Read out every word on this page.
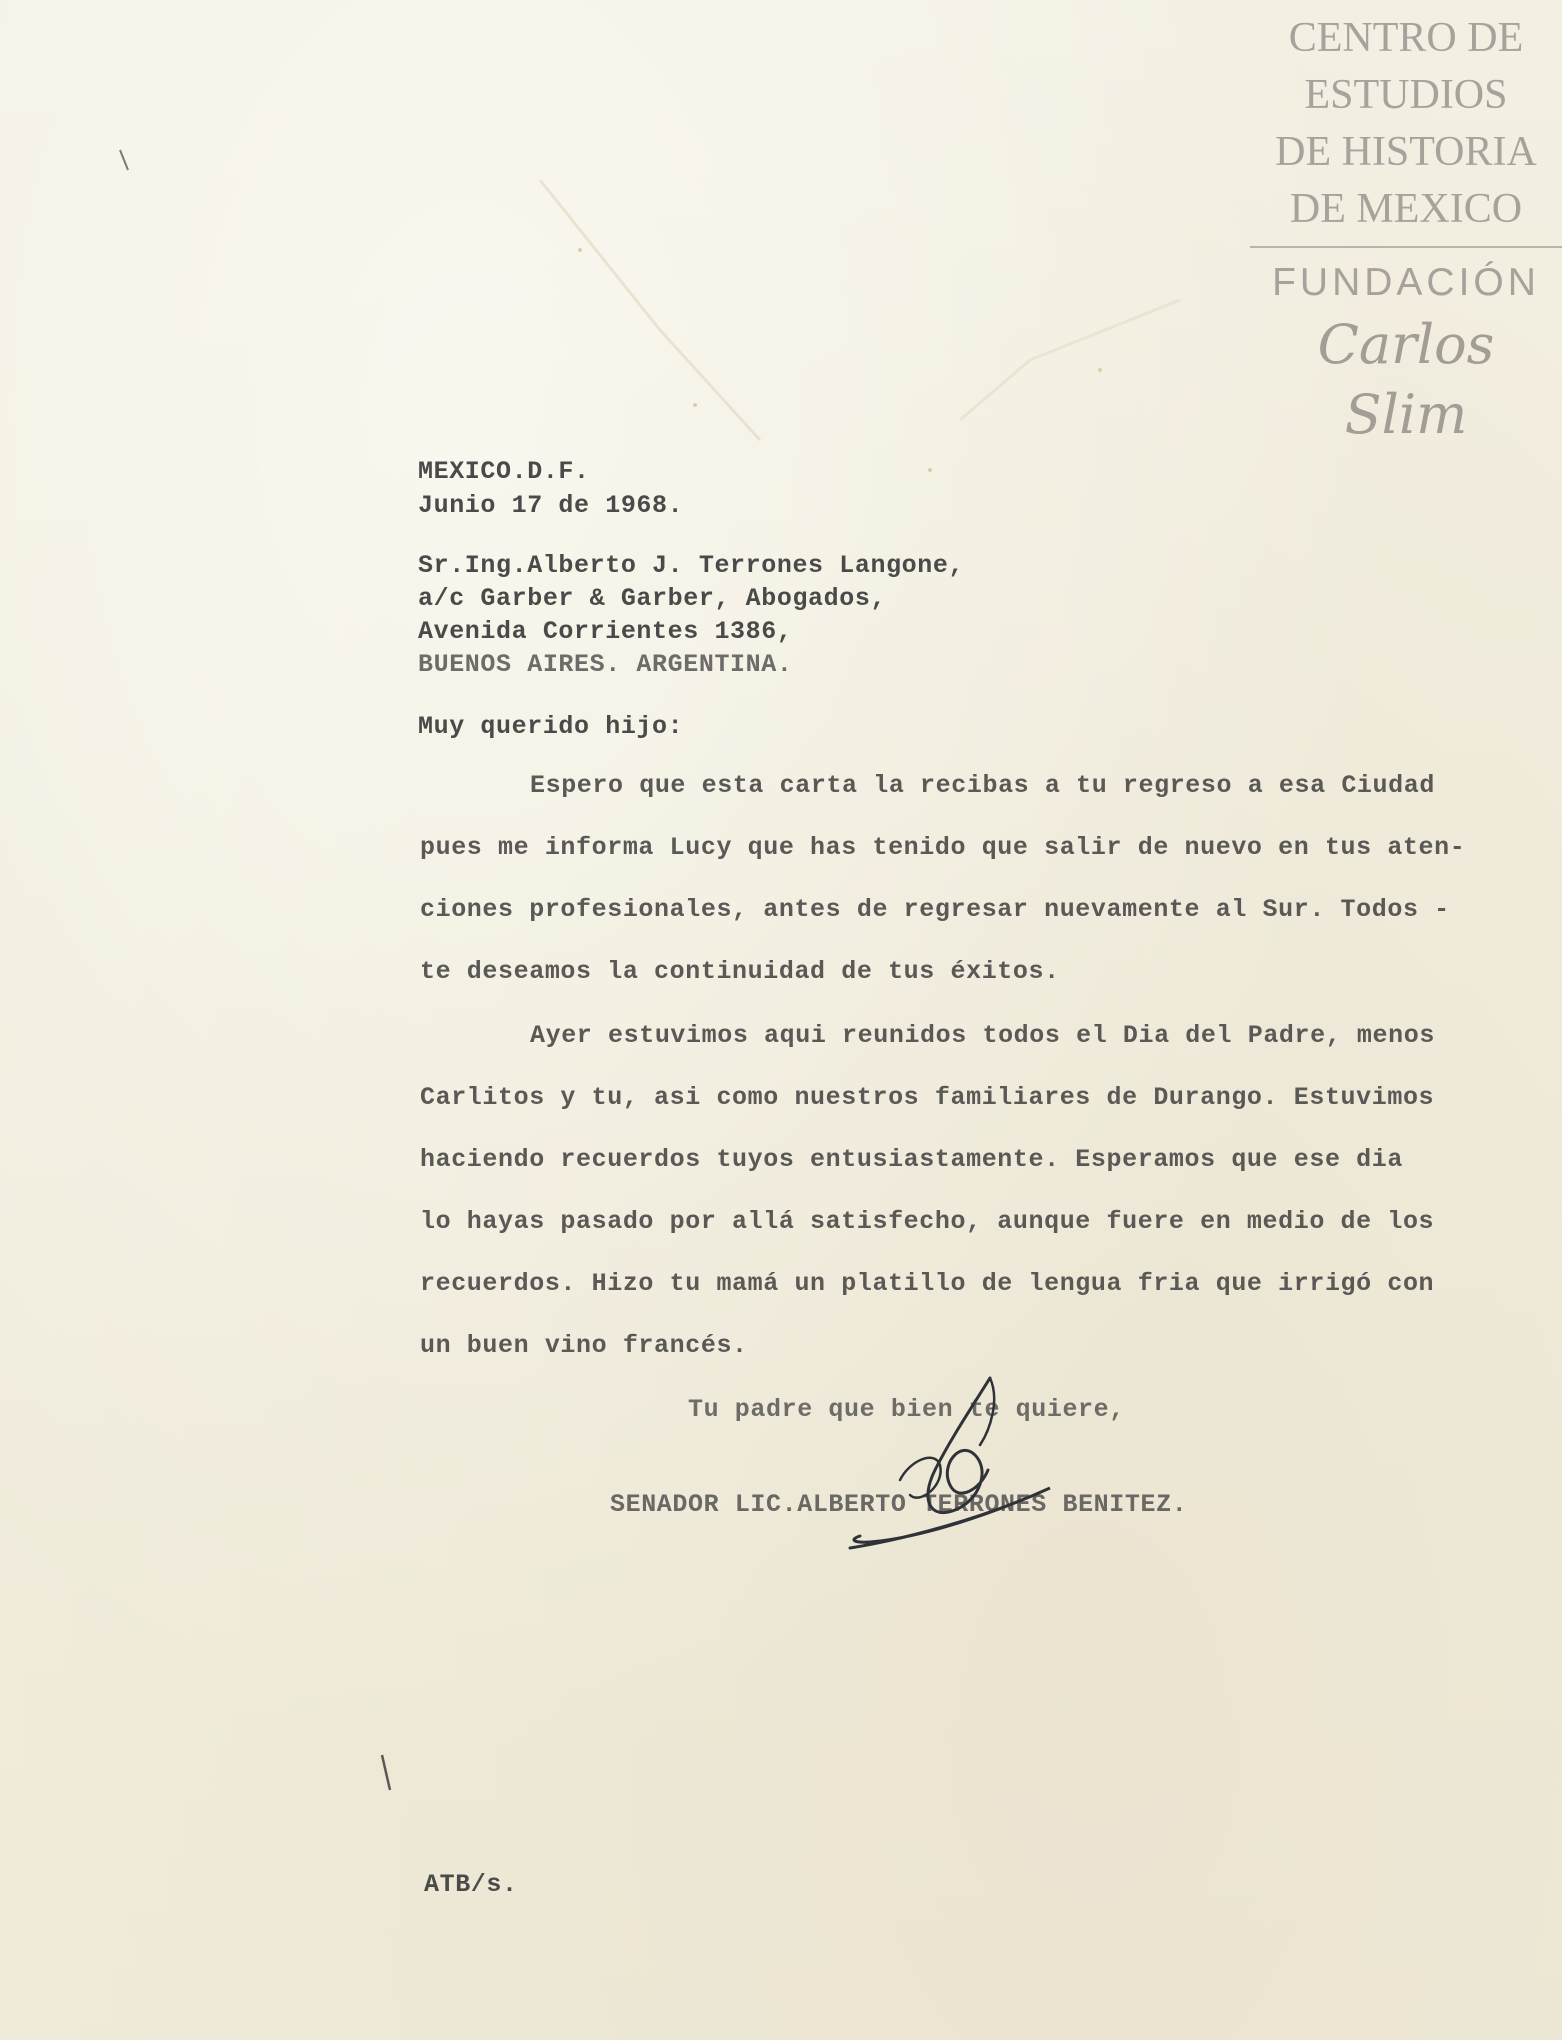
CENTRO DE
ESTUDIOS
DE HISTORIA
DE MEXICO
FUNDACIÓN
Carlos Slim
MEXICO.D.F.
Junio 17 de 1968.
Sr.Ing.Alberto J. Terrones Langone,
a/c Garber & Garber, Abogados,
Avenida Corrientes 1386,
BUENOS AIRES. ARGENTINA.
Muy querido hijo:
Espero que esta carta la recibas a tu regreso a esa Ciudad
pues me informa Lucy que has tenido que salir de nuevo en tus aten-
ciones profesionales, antes de regresar nuevamente al Sur. Todos -
te deseamos la continuidad de tus éxitos.
Ayer estuvimos aqui reunidos todos el Dia del Padre, menos
Carlitos y tu, asi como nuestros familiares de Durango. Estuvimos
haciendo recuerdos tuyos entusiastamente. Esperamos que ese dia
lo hayas pasado por allá satisfecho, aunque fuere en medio de los
recuerdos. Hizo tu mamá un platillo de lengua fria que irrigó con
un buen vino francés.
Tu padre que bien te quiere,
SENADOR LIC.ALBERTO TERRONES BENITEZ.
ATB/s.
